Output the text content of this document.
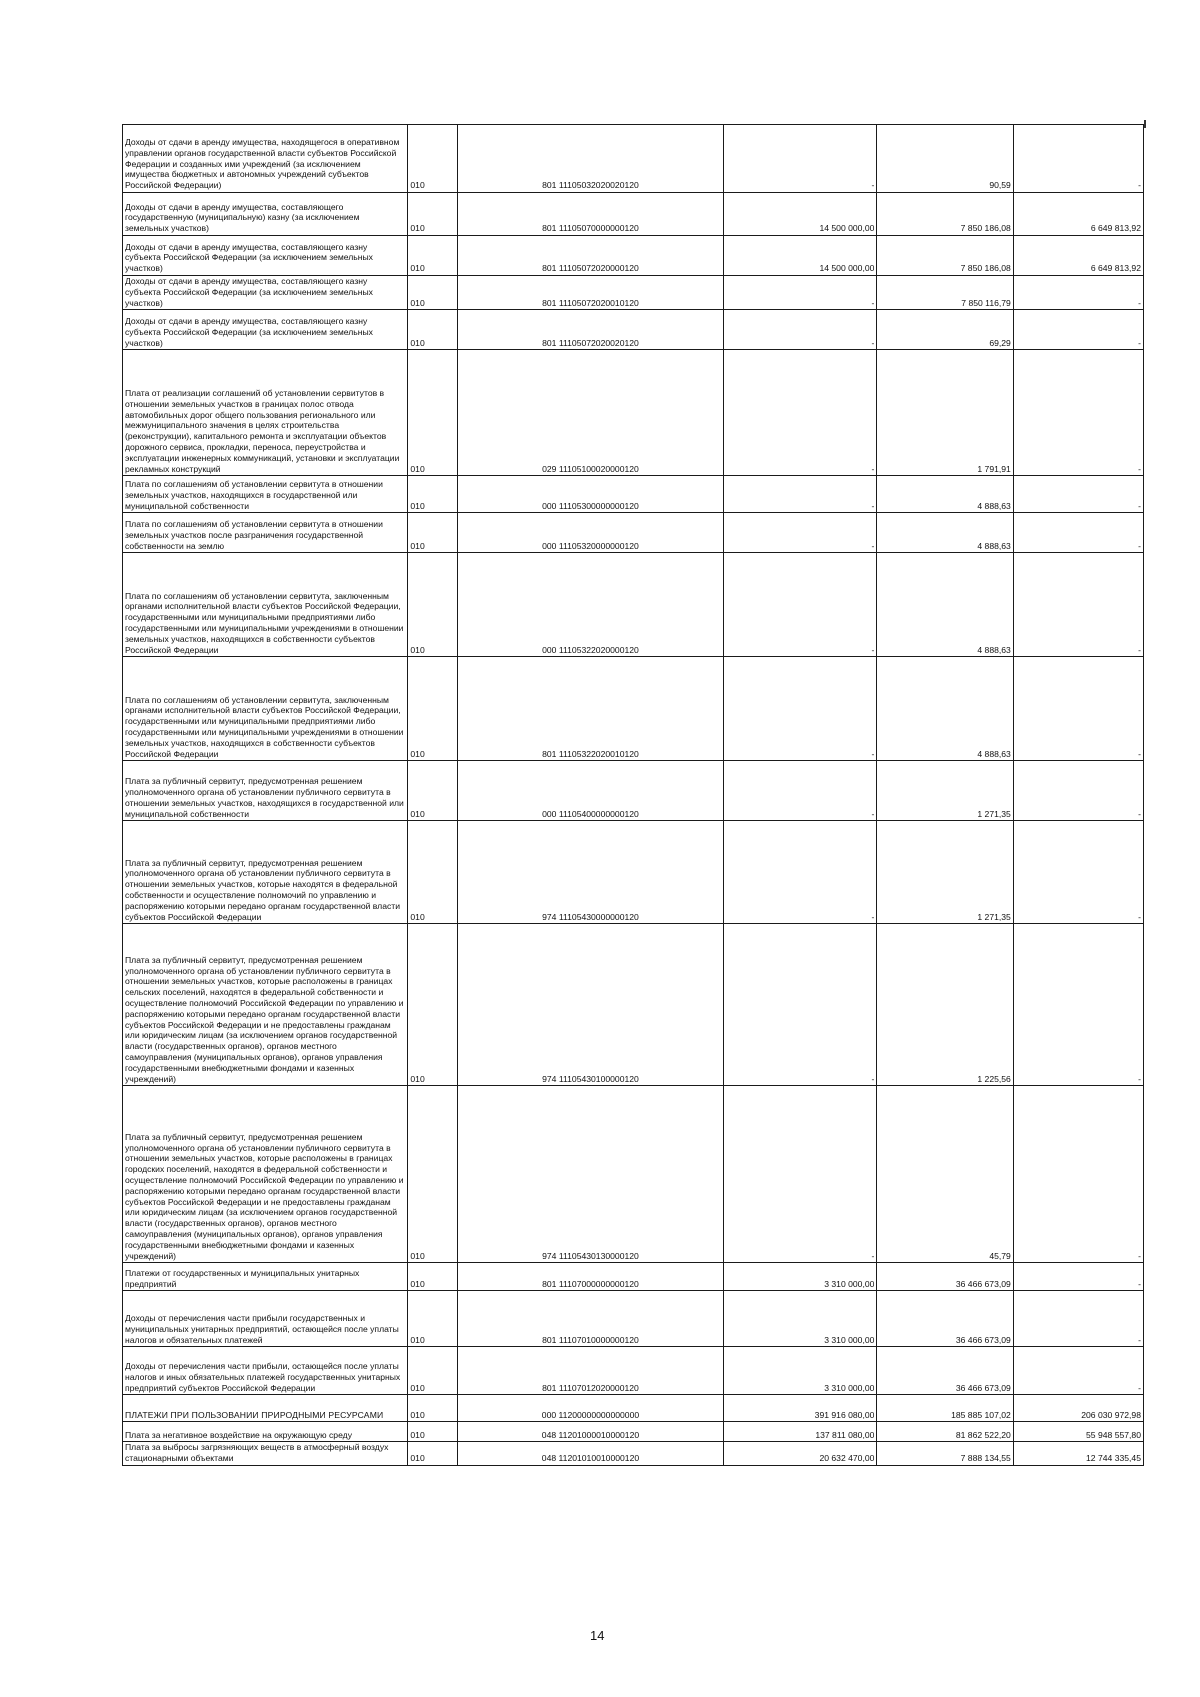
Доходы от сдачи в аренду имущества, находящегося в оперативном управлении органов государственной власти субъектов Российской Федерации и созданных ими учреждений (за исключением имущества бюджетных и автономных учреждений субъектов Российской Федерации)	010	801 11105032020020120	-	90,59	-
Доходы от сдачи в аренду имущества, составляющего государственную (муниципальную) казну (за исключением земельных участков)	010	801 11105070000000120	14 500 000,00	7 850 186,08	6 649 813,92
Доходы от сдачи в аренду имущества, составляющего казну субъекта Российской Федерации (за исключением земельных участков)	010	801 11105072020000120	14 500 000,00	7 850 186,08	6 649 813,92
Доходы от сдачи в аренду имущества, составляющего казну субъекта Российской Федерации (за исключением земельных участков)	010	801 11105072020010120	-	7 850 116,79	-
Доходы от сдачи в аренду имущества, составляющего казну субъекта Российской Федерации (за исключением земельных участков)	010	801 11105072020020120	-	69,29	-
Плата от реализации соглашений об установлении сервитутов в отношении земельных участков в границах полос отвода автомобильных дорог общего пользования регионального или межмуниципального значения в целях строительства (реконструкции), капитального ремонта и эксплуатации объектов дорожного сервиса, прокладки, переноса, переустройства и эксплуатации инженерных коммуникаций, установки и эксплуатации рекламных конструкций	010	029 11105100020000120	-	1 791,91	-
Плата по соглашениям об установлении сервитута в отношении земельных участков, находящихся в государственной или муниципальной собственности	010	000 11105300000000120	-	4 888,63	-
Плата по соглашениям об установлении сервитута в отношении земельных участков после разграничения государственной собственности на землю	010	000 11105320000000120	-	4 888,63	-
Плата по соглашениям об установлении сервитута, заключенным органами исполнительной власти субъектов Российской Федерации, государственными или муниципальными предприятиями либо государственными или муниципальными учреждениями в отношении земельных участков, находящихся в собственности субъектов Российской Федерации	010	000 11105322020000120	-	4 888,63	-
Плата по соглашениям об установлении сервитута, заключенным органами исполнительной власти субъектов Российской Федерации, государственными или муниципальными предприятиями либо государственными или муниципальными учреждениями в отношении земельных участков, находящихся в собственности субъектов Российской Федерации	010	801 11105322020010120	-	4 888,63	-
Плата за публичный сервитут, предусмотренная решением уполномоченного органа об установлении публичного сервитута в отношении земельных участков, находящихся в государственной или муниципальной собственности	010	000 11105400000000120	-	1 271,35	-
Плата за публичный сервитут, предусмотренная решением уполномоченного органа об установлении публичного сервитута в отношении земельных участков, которые находятся в федеральной собственности и осуществление полномочий по управлению и распоряжению которыми передано органам государственной власти субъектов Российской Федерации	010	974 11105430000000120	-	1 271,35	-
Плата за публичный сервитут, предусмотренная решением уполномоченного органа об установлении публичного сервитута в отношении земельных участков, которые расположены в границах сельских поселений, находятся в федеральной собственности и осуществление полномочий Российской Федерации по управлению и распоряжению которыми передано органам государственной власти субъектов Российской Федерации и не предоставлены гражданам или юридическим лицам (за исключением органов государственной власти (государственных органов), органов местного самоуправления (муниципальных органов), органов управления государственными внебюджетными фондами и казенных учреждений)	010	974 11105430100000120	-	1 225,56	-
Плата за публичный сервитут, предусмотренная решением уполномоченного органа об установлении публичного сервитута в отношении земельных участков, которые расположены в границах городских поселений, находятся в федеральной собственности и осуществление полномочий Российской Федерации по управлению и распоряжению которыми передано органам государственной власти субъектов Российской Федерации и не предоставлены гражданам или юридическим лицам (за исключением органов государственной власти (государственных органов), органов местного самоуправления (муниципальных органов), органов управления государственными внебюджетными фондами и казенных учреждений)	010	974 11105430130000120	-	45,79	-
Платежи от государственных и муниципальных унитарных предприятий	010	801 11107000000000120	3 310 000,00	36 466 673,09	-
Доходы от перечисления части прибыли государственных и муниципальных унитарных предприятий, остающейся после уплаты налогов и обязательных платежей	010	801 11107010000000120	3 310 000,00	36 466 673,09	-
Доходы от перечисления части прибыли, остающейся после уплаты налогов и иных обязательных платежей государственных унитарных предприятий субъектов Российской Федерации	010	801 11107012020000120	3 310 000,00	36 466 673,09	-
ПЛАТЕЖИ ПРИ ПОЛЬЗОВАНИИ ПРИРОДНЫМИ РЕСУРСАМИ	010	000 11200000000000000	391 916 080,00	185 885 107,02	206 030 972,98
Плата за негативное воздействие на окружающую среду	010	048 11201000010000120	137 811 080,00	81 862 522,20	55 948 557,80
Плата за выбросы загрязняющих веществ в атмосферный воздух стационарными объектами	010	048 11201010010000120	20 632 470,00	7 888 134,55	12 744 335,45
14
